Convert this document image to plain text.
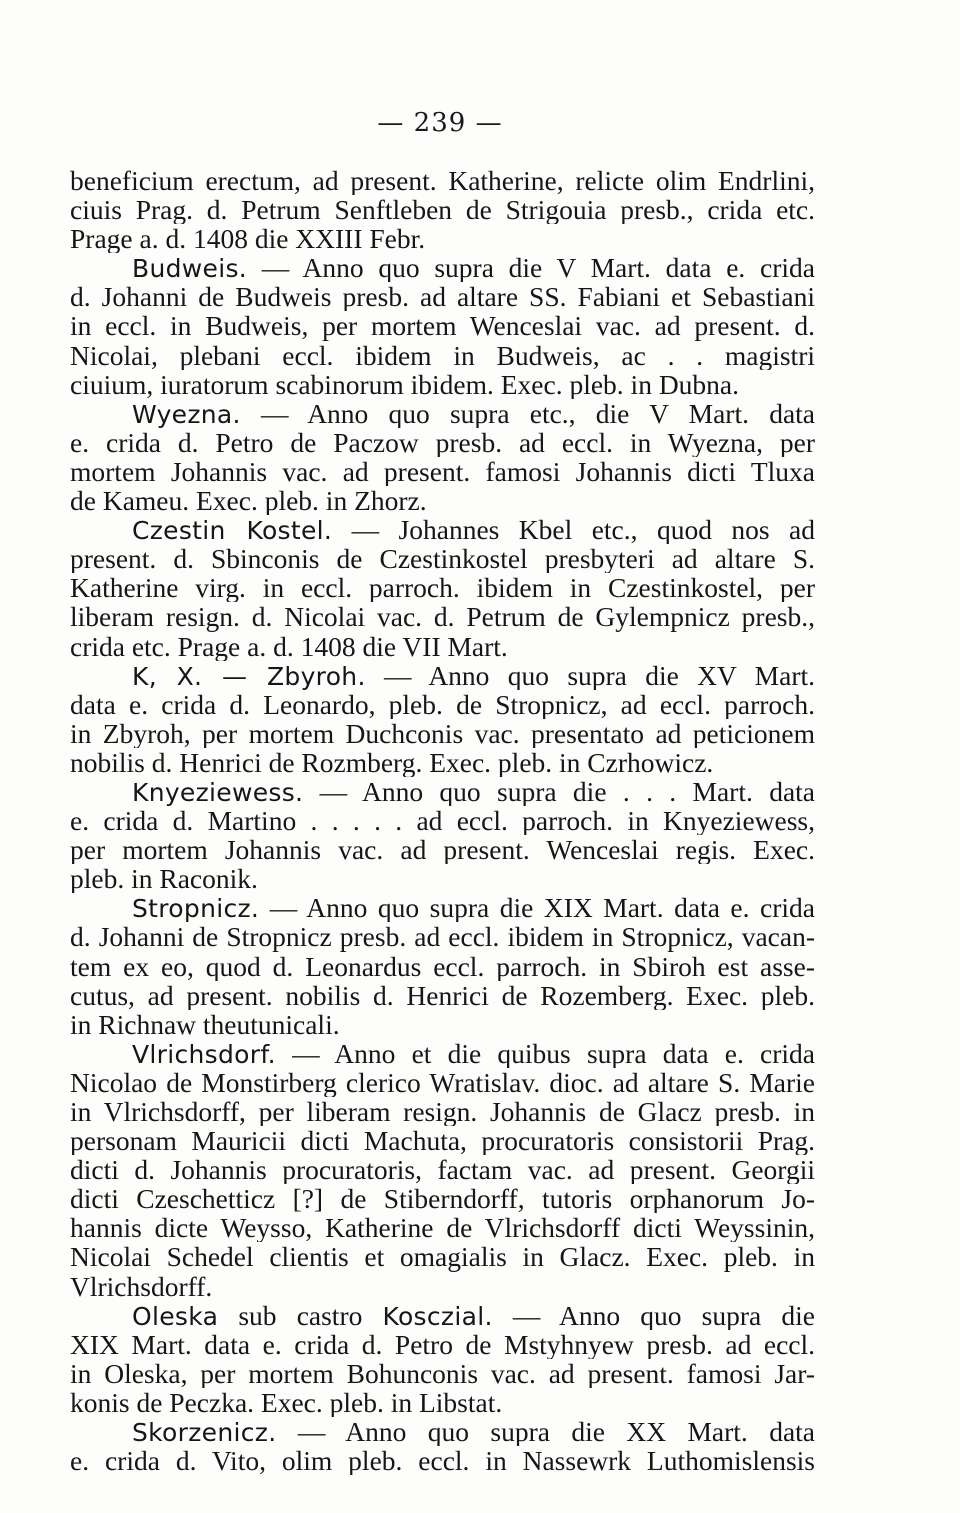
— 239 —
beneficium erectum, ad present. Katherine, relicte olim Endrlini,
ciuis Prag. d. Petrum Senftleben de Strigouia presb., crida etc.
Prage a. d. 1408 die XXIII Febr.
Budweis. — Anno quo supra die V Mart. data e. crida
d. Johanni de Budweis presb. ad altare SS. Fabiani et Sebastiani
in eccl. in Budweis, per mortem Wenceslai vac. ad present. d.
Nicolai, plebani eccl. ibidem in Budweis, ac . . magistri
ciuium, iuratorum scabinorum ibidem. Exec. pleb. in Dubna.
Wyezna. — Anno quo supra etc., die V Mart. data
e. crida d. Petro de Paczow presb. ad eccl. in Wyezna, per
mortem Johannis vac. ad present. famosi Johannis dicti Tluxa
de Kameu. Exec. pleb. in Zhorz.
Czestin Kostel. — Johannes Kbel etc., quod nos ad
present. d. Sbinconis de Czestinkostel presbyteri ad altare S.
Katherine virg. in eccl. parroch. ibidem in Czestinkostel, per
liberam resign. d. Nicolai vac. d. Petrum de Gylempnicz presb.,
crida etc. Prage a. d. 1408 die VII Mart.
K, X. — Zbyroh. — Anno quo supra die XV Mart.
data e. crida d. Leonardo, pleb. de Stropnicz, ad eccl. parroch.
in Zbyroh, per mortem Duchconis vac. presentato ad peticionem
nobilis d. Henrici de Rozmberg. Exec. pleb. in Czrhowicz.
Knyeziewess. — Anno quo supra die . . . Mart. data
e. crida d. Martino . . . . . ad eccl. parroch. in Knyeziewess,
per mortem Johannis vac. ad present. Wenceslai regis. Exec.
pleb. in Raconik.
Stropnicz. — Anno quo supra die XIX Mart. data e. crida
d. Johanni de Stropnicz presb. ad eccl. ibidem in Stropnicz, vacan-
tem ex eo, quod d. Leonardus eccl. parroch. in Sbiroh est asse-
cutus, ad present. nobilis d. Henrici de Rozemberg. Exec. pleb.
in Richnaw theutunicali.
Vlrichsdorf. — Anno et die quibus supra data e. crida
Nicolao de Monstirberg clerico Wratislav. dioc. ad altare S. Marie
in Vlrichsdorff, per liberam resign. Johannis de Glacz presb. in
personam Mauricii dicti Machuta, procuratoris consistorii Prag.
dicti d. Johannis procuratoris, factam vac. ad present. Georgii
dicti Czeschetticz [?] de Stiberndorff, tutoris orphanorum Jo-
hannis dicte Weysso, Katherine de Vlrichsdorff dicti Weyssinin,
Nicolai Schedel clientis et omagialis in Glacz. Exec. pleb. in
Vlrichsdorff.
Oleska sub castro Kosczial. — Anno quo supra die
XIX Mart. data e. crida d. Petro de Mstyhnyew presb. ad eccl.
in Oleska, per mortem Bohunconis vac. ad present. famosi Jar-
konis de Peczka. Exec. pleb. in Libstat.
Skorzenicz. — Anno quo supra die XX Mart. data
e. crida d. Vito, olim pleb. eccl. in Nassewrk Luthomislensis
